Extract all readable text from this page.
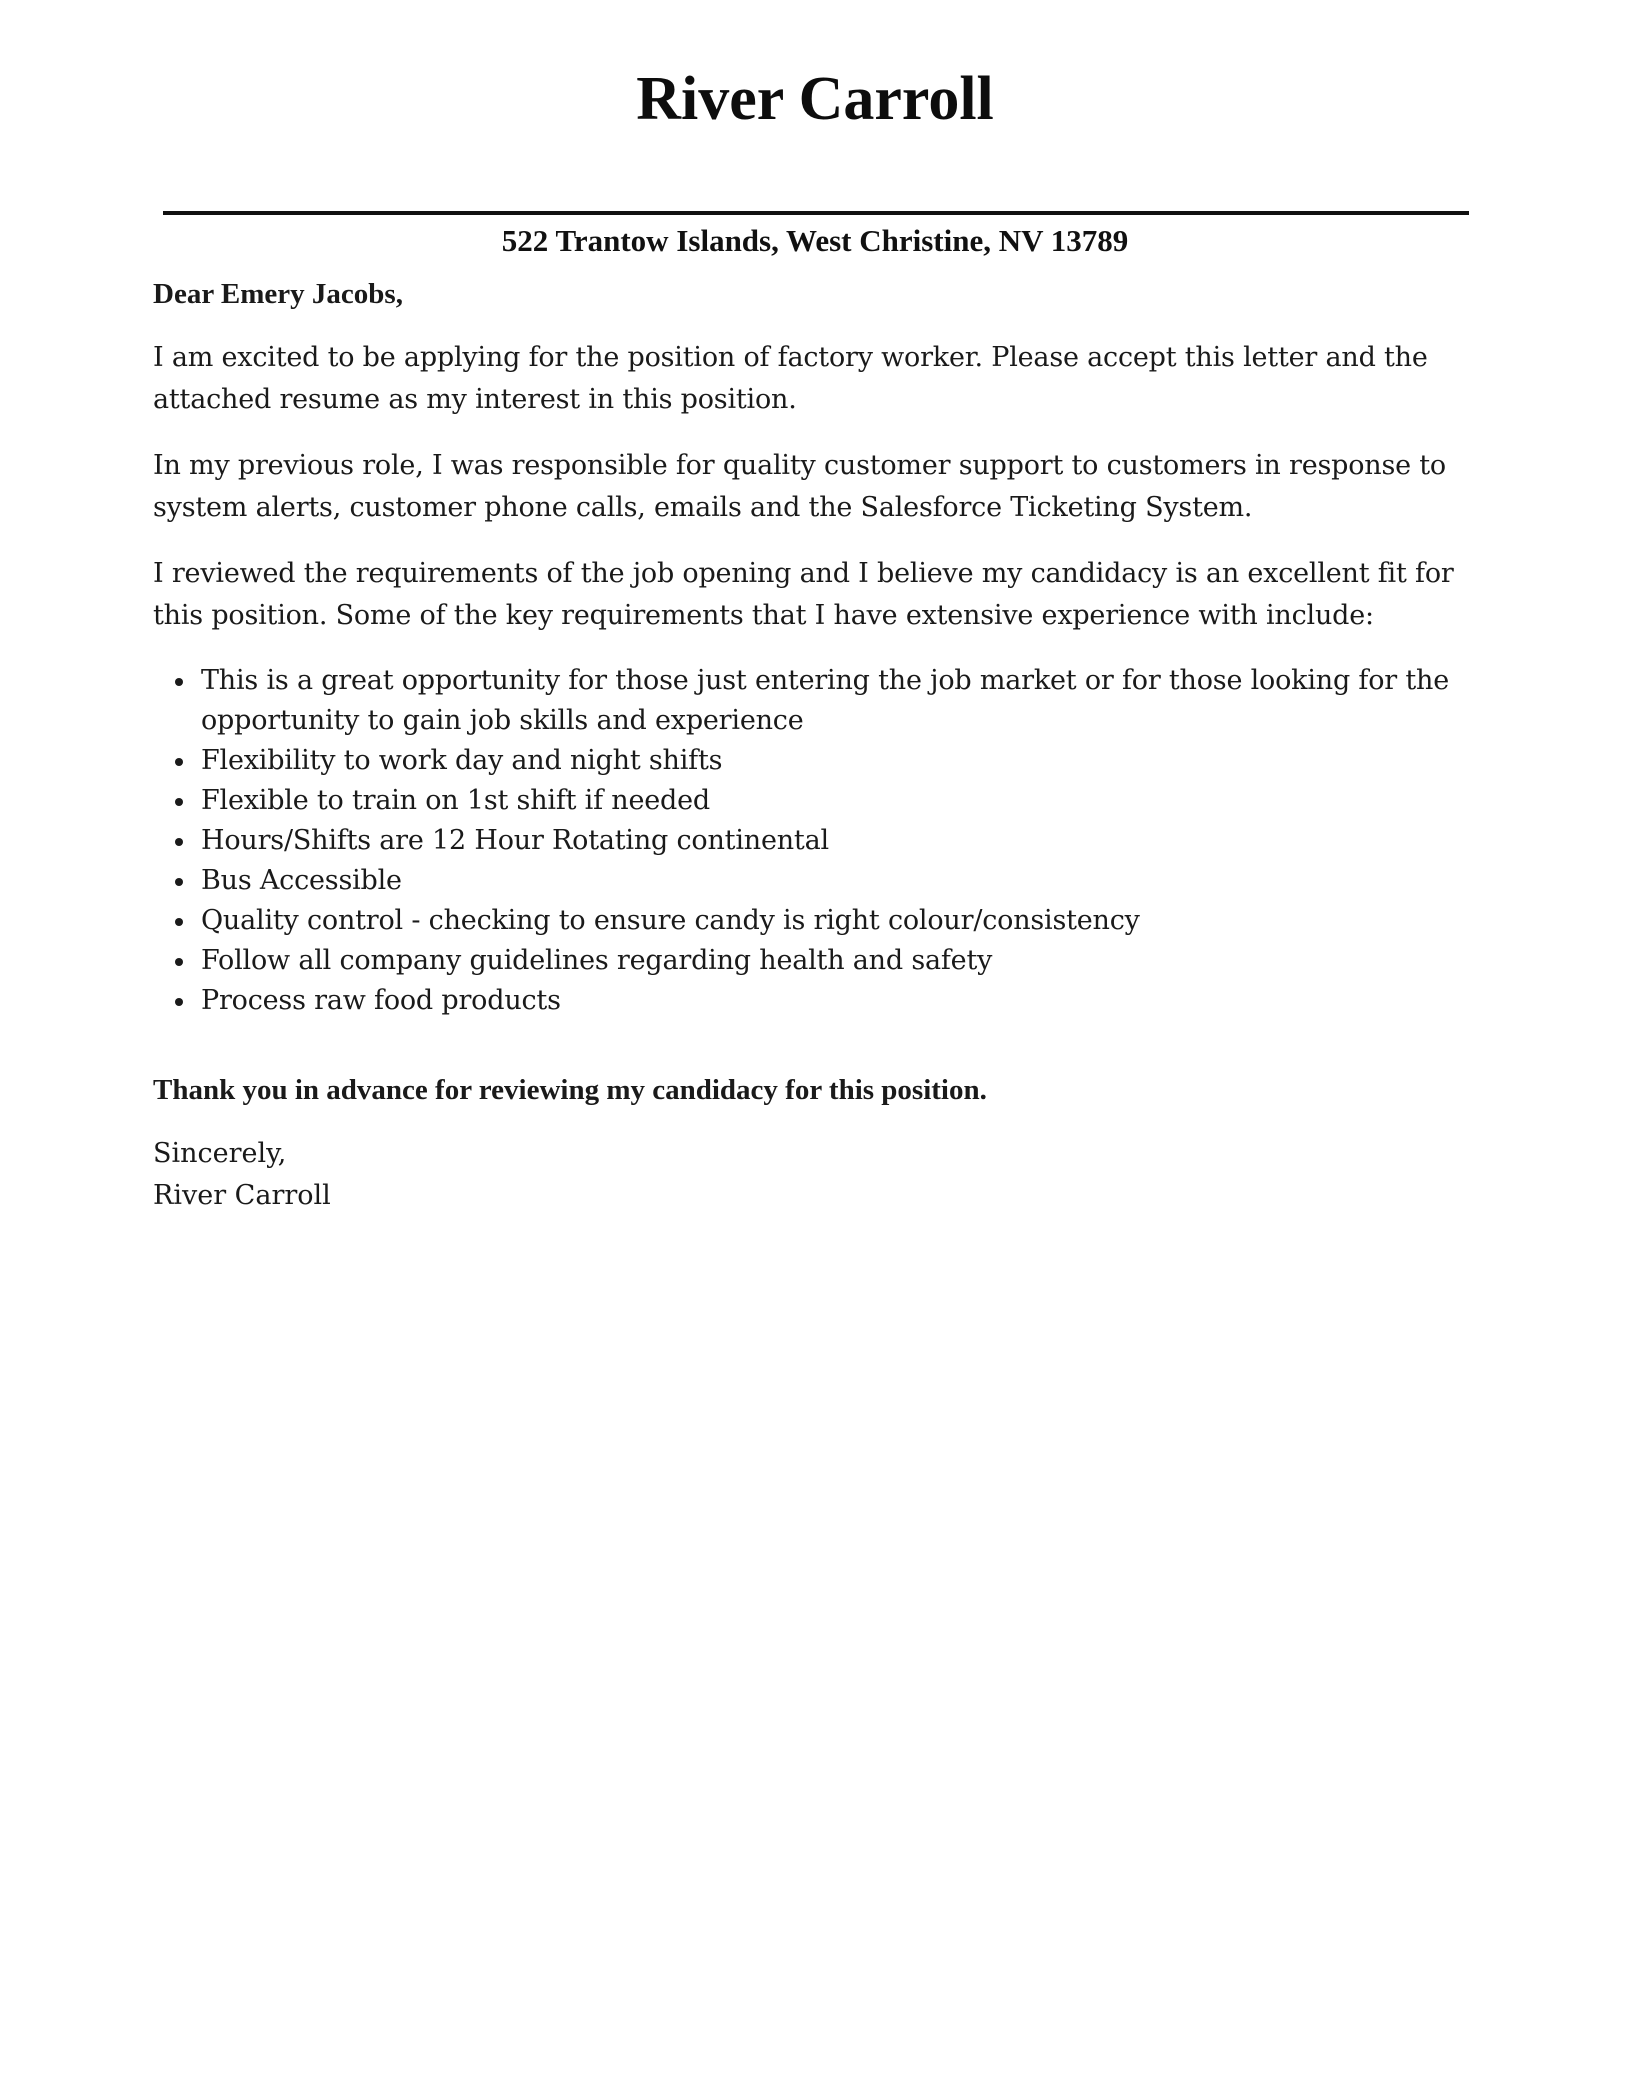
River Carroll
522 Trantow Islands, West Christine, NV 13789

Dear Emery Jacobs,

I am excited to be applying for the position of factory worker. Please accept this letter and the attached resume as my interest in this position.

In my previous role, I was responsible for quality customer support to customers in response to system alerts, customer phone calls, emails and the Salesforce Ticketing System.

I reviewed the requirements of the job opening and I believe my candidacy is an excellent fit for this position. Some of the key requirements that I have extensive experience with include:

This is a great opportunity for those just entering the job market or for those looking for the opportunity to gain job skills and experience
Flexibility to work day and night shifts
Flexible to train on 1st shift if needed
Hours/Shifts are 12 Hour Rotating continental
Bus Accessible
Quality control - checking to ensure candy is right colour/consistency
Follow all company guidelines regarding health and safety
Process raw food products

Thank you in advance for reviewing my candidacy for this position.

Sincerely,

River Carroll
